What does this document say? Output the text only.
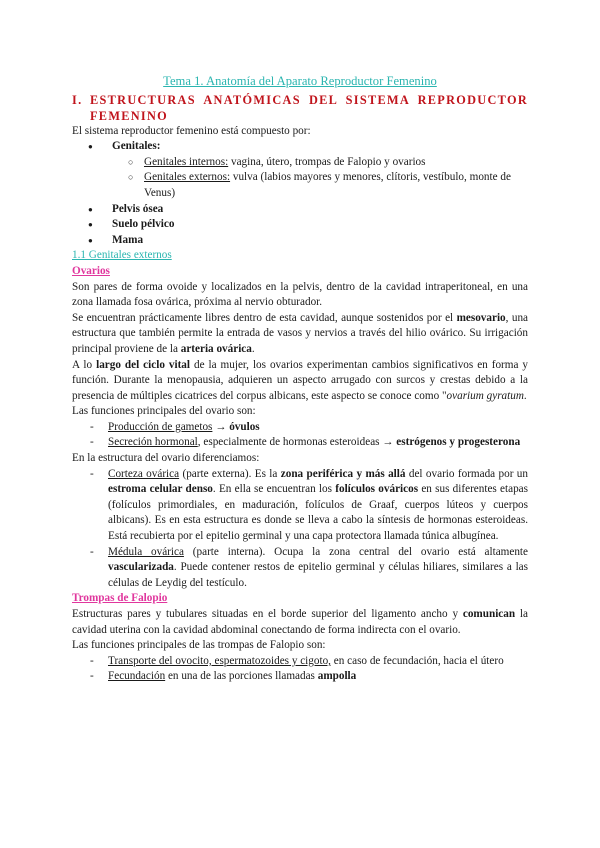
Tema 1. Anatomía del Aparato Reproductor Femenino
I. ESTRUCTURAS ANATÓMICAS DEL SISTEMA REPRODUCTOR
FEMENINO

El sistema reproductor femenino está compuesto por:

● Genitales:
○ Genitales internos: vagina, útero, trompas de Falopio y ovarios
○ Genitales externos: vulva (labios mayores y menores, clítoris, vestíbulo, monte de Venus)
● Pelvis ósea
● Suelo pélvico
● Mama
1.1 Genitales externos
Ovarios

Son pares de forma ovoide y localizados en la pelvis, dentro de la cavidad intraperitoneal, en una zona llamada fosa ovárica, próxima al nervio obturador.

Se encuentran prácticamente libres dentro de esta cavidad, aunque sostenidos por el mesovario, una estructura que también permite la entrada de vasos y nervios a través del hilio ovárico. Su irrigación principal proviene de la arteria ovárica.

A lo largo del ciclo vital de la mujer, los ovarios experimentan cambios significativos en forma y función. Durante la menopausia, adquieren un aspecto arrugado con surcos y crestas debido a la presencia de múltiples cicatrices del corpus albicans, este aspecto se conoce como "ovarium gyratum.

Las funciones principales del ovario son:

- Producción de gametos → óvulos
- Secreción hormonal, especialmente de hormonas esteroideas → estrógenos y progesterona

En la estructura del ovario diferenciamos:

- Corteza ovárica (parte externa). Es la zona periférica y más allá del ovario formada por un estroma celular denso. En ella se encuentran los folículos ováricos en sus diferentes etapas (folículos primordiales, en maduración, folículos de Graaf, cuerpos lúteos y cuerpos albicans). Es en esta estructura es donde se lleva a cabo la síntesis de hormonas esteroideas. Está recubierta por el epitelio germinal y una capa protectora llamada túnica albugínea.
- Médula ovárica (parte interna). Ocupa la zona central del ovario está altamente vascularizada. Puede contener restos de epitelio germinal y células hiliares, similares a las células de Leydig del testículo.
Trompas de Falopio

Estructuras pares y tubulares situadas en el borde superior del ligamento ancho y comunican la cavidad uterina con la cavidad abdominal conectando de forma indirecta con el ovario.

Las funciones principales de las trompas de Falopio son:

- Transporte del ovocito, espermatozoides y cigoto, en caso de fecundación, hacia el útero
- Fecundación en una de las porciones llamadas ampolla
